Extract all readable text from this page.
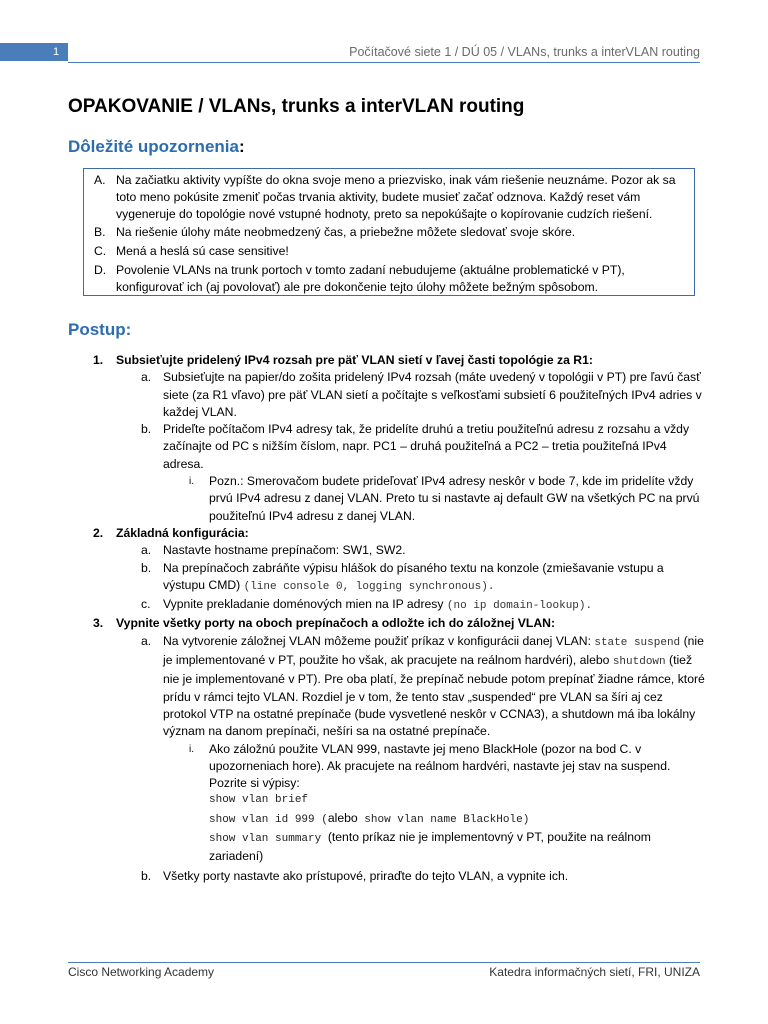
1	Počítačové siete 1 / DÚ 05 / VLANs, trunks a interVLAN routing
OPAKOVANIE / VLANs, trunks a interVLAN routing
Dôležité upozornenia:
A. Na začiatku aktivity vypíšte do okna svoje meno a priezvisko, inak vám riešenie neuznáme. Pozor ak sa toto meno pokúsite zmeniť počas trvania aktivity, budete musieť začať odznova. Každý reset vám vygeneruje do topológie nové vstupné hodnoty, preto sa nepokúšajte o kopírovanie cudzích riešení.
B. Na riešenie úlohy máte neobmedzený čas, a priebežne môžete sledovať svoje skóre.
C. Mená a heslá sú case sensitive!
D. Povolenie VLANs na trunk portoch v tomto zadaní nebudujeme (aktuálne problematické v PT), konfigurovať ich (aj povolovať) ale pre dokončenie tejto úlohy môžete bežným spôsobom.
Postup:
1. Subsieťujte pridelený IPv4 rozsah pre päť VLAN sietí v ľavej časti topológie za R1:
a. Subsieťujte na papier/do zošita pridelený IPv4 rozsah (máte uvedený v topológii v PT) pre ľavú časť siete (za R1 vľavo) pre päť VLAN sietí a počítajte s veľkosťami subsietí 6 použiteľných IPv4 adries v každej VLAN.
b. Prideľte počítačom IPv4 adresy tak, že pridelíte druhú a tretiu použiteľnú adresu z rozsahu a vždy začínajte od PC s nižším číslom, napr. PC1 – druhá použiteľná a PC2 – tretia použiteľná IPv4 adresa.
i. Pozn.: Smerovačom budete prideľovať IPv4 adresy neskôr v bode 7, kde im pridelíte vždy prvú IPv4 adresu z danej VLAN. Preto tu si nastavte aj default GW na všetkých PC na prvú použiteľnú IPv4 adresu z danej VLAN.
2. Základná konfigurácia:
a. Nastavte hostname prepínačom: SW1, SW2.
b. Na prepínačoch zabráňte výpisu hlášok do písaného textu na konzole (zmiešavanie vstupu a výstupu CMD) (line console 0, logging synchronous).
c. Vypnite prekladanie doménových mien na IP adresy (no ip domain-lookup).
3. Vypnite všetky porty na oboch prepínačoch a odložte ich do záložnej VLAN:
a. Na vytvorenie záložnej VLAN môžeme použiť príkaz v konfigurácii danej VLAN: state suspend (nie je implementované v PT, použite ho však, ak pracujete na reálnom hardvéri), alebo shutdown (tiež nie je implementované v PT). Pre oba platí, že prepínač nebude potom prepínať žiadne rámce, ktoré prídu v rámci tejto VLAN. Rozdiel je v tom, že tento stav „suspended“ pre VLAN sa šíri aj cez protokol VTP na ostatné prepínače (bude vysvetlené neskôr v CCNA3), a shutdown má iba lokálny význam na danom prepínači, nešíri sa na ostatné prepínače.
i. Ako záložnú použite VLAN 999, nastavte jej meno BlackHole (pozor na bod C. v upozorneniach hore). Ak pracujete na reálnom hardvéri, nastavte jej stav na suspend. Pozrite si výpisy:
show vlan brief
show vlan id 999 (alebo show vlan name BlackHole)
show vlan summary (tento príkaz nie je implementovný v PT, použite na reálnom zariadení)
b. Všetky porty nastavte ako prístupové, priraďte do tejto VLAN, a vypnite ich.
Cisco Networking Academy	Katedra informačných sietí, FRI, UNIZA
